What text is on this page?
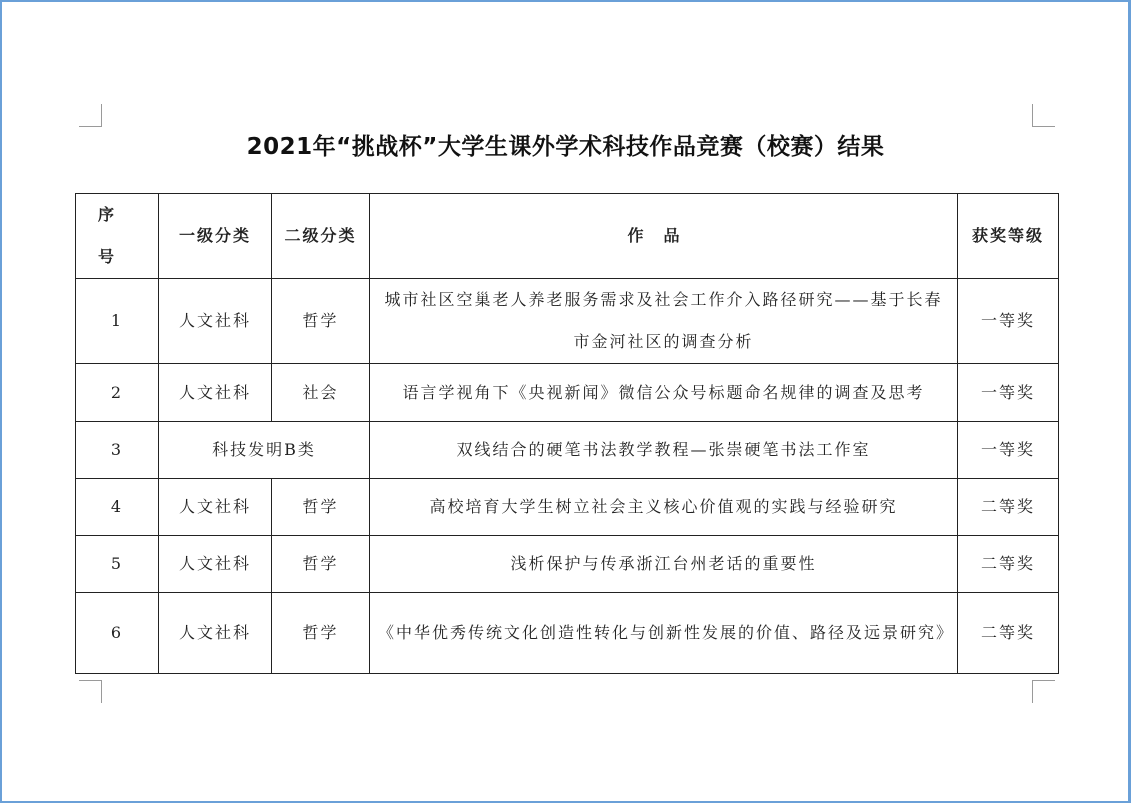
2021年“挑战杯”大学生课外学术科技作品竞赛（校赛）结果
序号	一级分类	二级分类	作品	获奖等级
1	人文社科	哲学	城市社区空巢老人养老服务需求及社会工作介入路径研究——基于长春市金河社区的调查分析	一等奖
2	人文社科	社会	语言学视角下《央视新闻》微信公众号标题命名规律的调查及思考	一等奖
3	科技发明B类		双线结合的硬笔书法教学教程—张崇硬笔书法工作室	一等奖
4	人文社科	哲学	高校培育大学生树立社会主义核心价值观的实践与经验研究	二等奖
5	人文社科	哲学	浅析保护与传承浙江台州老话的重要性	二等奖
6	人文社科	哲学	《中华优秀传统文化创造性转化与创新性发展的价值、路径及远景研究》	二等奖
